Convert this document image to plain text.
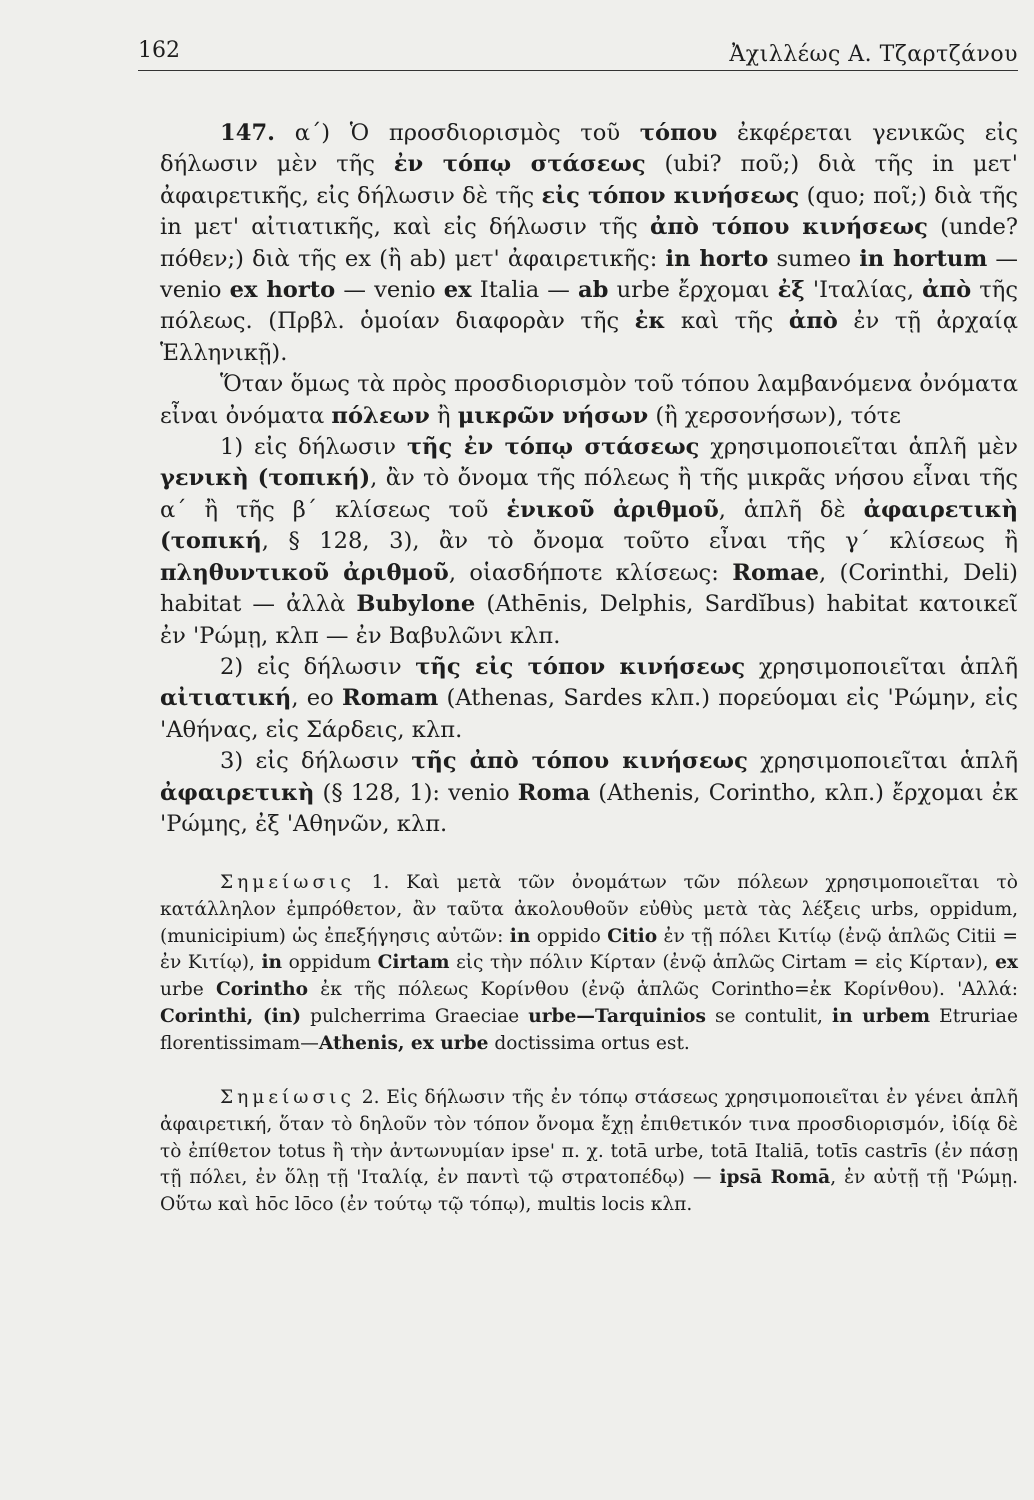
162	Ἀχιλλέως Α. Τζαρτζάνου

147. α΄) Ὁ προσδιορισμὸς τοῦ τόπου ἐκφέρεται γενικῶς εἰς δήλωσιν μὲν τῆς ἐν τόπῳ στάσεως (ubi? ποῦ;) διὰ τῆς in μετ' ἀφαιρετικῆς, εἰς δήλωσιν δὲ τῆς εἰς τόπον κινήσεως (quo; ποῖ;) διὰ τῆς in μετ' αἰτιατικῆς, καὶ εἰς δήλωσιν τῆς ἀπὸ τόπου κινήσεως (unde? πόθεν;) διὰ τῆς ex (ἢ ab) μετ' ἀφαιρετικῆς: in horto sumeo in hortum — venio ex horto — venio ex Italia — ab urbe ἔρχομαι ἐξ 'Ιταλίας, ἀπὸ τῆς πόλεως. (Πρβλ. ὁμοίαν διαφορὰν τῆς ἐκ καὶ τῆς ἀπὸ ἐν τῇ ἀρχαίᾳ Ἑλληνικῇ).

Ὅταν ὅμως τὰ πρὸς προσδιορισμὸν τοῦ τόπου λαμβανόμενα ὀνόματα εἶναι ὀνόματα πόλεων ἢ μικρῶν νήσων (ἢ χερσονήσων), τότε

1) εἰς δήλωσιν τῆς ἐν τόπῳ στάσεως χρησιμοποιεῖται ἁπλῆ μὲν γενικὴ (τοπική), ἂν τὸ ὄνομα τῆς πόλεως ἢ τῆς μικρᾶς νήσου εἶναι τῆς α΄ ἢ τῆς β΄ κλίσεως τοῦ ἑνικοῦ ἀριθμοῦ, ἁπλῆ δὲ ἀφαιρετικὴ (τοπική, § 128, 3), ἂν τὸ ὄνομα τοῦτο εἶναι τῆς γ΄ κλίσεως ἢ πληθυντικοῦ ἀριθμοῦ, οἱασδήποτε κλίσεως: Romae, (Corinthi, Deli) habitat — ἀλλὰ Bubylone (Athēnis, Delphis, Sardĭbus) habitat κατοικεῖ ἐν 'Ρώμῃ, κλπ — ἐν Βαβυλῶνι κλπ.

2) εἰς δήλωσιν τῆς εἰς τόπον κινήσεως χρησιμοποιεῖται ἁπλῆ αἰτιατική, eo Romam (Athenas, Sardes κλπ.) πορεύομαι εἰς 'Ρώμην, εἰς 'Αθήνας, εἰς Σάρδεις, κλπ.

3) εἰς δήλωσιν τῆς ἀπὸ τόπου κινήσεως χρησιμοποιεῖται ἁπλῆ ἀφαιρετικὴ (§ 128, 1): venio Roma (Athenis, Corintho, κλπ.) ἔρχομαι ἐκ 'Ρώμης, ἐξ 'Αθηνῶν, κλπ.

Σημείωσις 1. Καὶ μετὰ τῶν ὀνομάτων τῶν πόλεων χρησιμοποιεῖται τὸ κατάλληλον ἐμπρόθετον, ἂν ταῦτα ἀκολουθοῦν εὐθὺς μετὰ τὰς λέξεις urbs, oppidum, (municipium) ὡς ἐπεξήγησις αὐτῶν: in oppido Citio ἐν τῇ πόλει Κιτίῳ (ἐνῷ ἁπλῶς Citii = ἐν Κιτίῳ), in oppidum Cirtam εἰς τὴν πόλιν Κίρταν (ἐνῷ ἁπλῶς Cirtam = εἰς Κίρταν), ex urbe Corintho ἐκ τῆς πόλεως Κορίνθου (ἐνῷ ἁπλῶς Corintho=ἐκ Κορίνθου). 'Αλλά: Corinthi, (in) pulcherrima Graeciae urbe—Tarquinios se contulit, in urbem Etruriae florentissimam—Athenis, ex urbe doctissima ortus est.

Σημείωσις 2. Εἰς δήλωσιν τῆς ἐν τόπῳ στάσεως χρησιμοποιεῖται ἐν γένει ἁπλῆ ἀφαιρετική, ὅταν τὸ δηλοῦν τὸν τόπον ὄνομα ἔχῃ ἐπιθετικόν τινα προσδιορισμόν, ἰδίᾳ δὲ τὸ ἐπίθετον totus ἢ τὴν ἀντωνυμίαν ipse' π. χ. totā urbe, totā Italiā, totīs castrīs (ἐν πάσῃ τῇ πόλει, ἐν ὅλῃ τῇ 'Ιταλίᾳ, ἐν παντὶ τῷ στρατοπέδῳ) — ipsā Romā, ἐν αὐτῇ τῇ 'Ρώμῃ. Οὕτω καὶ hōc lōco (ἐν τούτῳ τῷ τόπῳ), multis locis κλπ.
